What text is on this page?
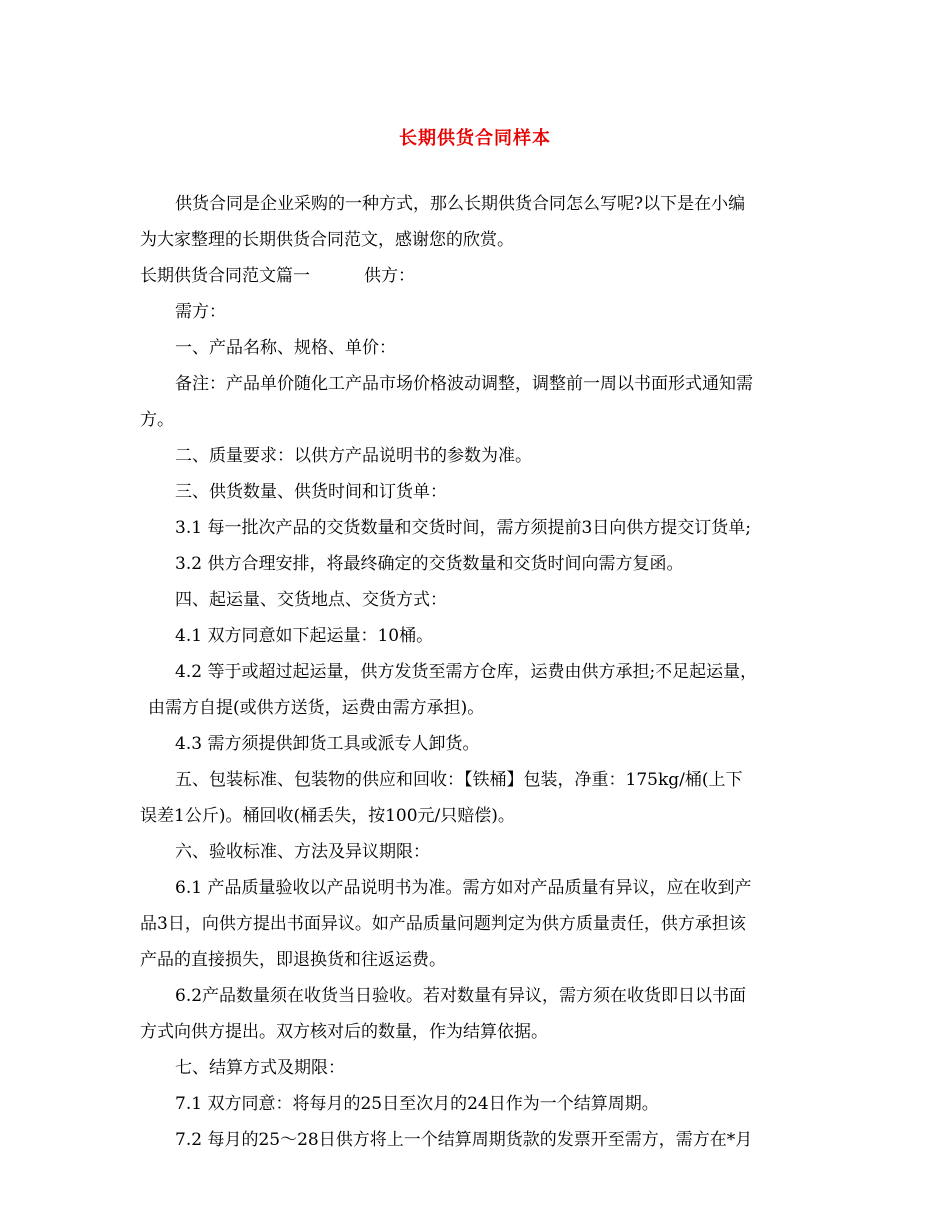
长期供货合同样本
供货合同是企业采购的一种方式，那么长期供货合同怎么写呢?以下是在小编
为大家整理的长期供货合同范文，感谢您的欣赏。
长期供货合同范文篇一	供方：
需方：
一、产品名称、规格、单价：
备注：产品单价随化工产品市场价格波动调整，调整前一周以书面形式通知需
方。
二、质量要求：以供方产品说明书的参数为准。
三、供货数量、供货时间和订货单：
3.1 每一批次产品的交货数量和交货时间，需方须提前3日向供方提交订货单;
3.2 供方合理安排，将最终确定的交货数量和交货时间向需方复函。
四、起运量、交货地点、交货方式：
4.1 双方同意如下起运量：10桶。
4.2 等于或超过起运量，供方发货至需方仓库，运费由供方承担;不足起运量，
由需方自提(或供方送货，运费由需方承担)。
4.3 需方须提供卸货工具或派专人卸货。
五、包装标准、包装物的供应和回收：【铁桶】包装，净重：175kg/桶(上下
误差1公斤)。桶回收(桶丢失，按100元/只赔偿)。
六、验收标准、方法及异议期限：
6.1 产品质量验收以产品说明书为准。需方如对产品质量有异议，应在收到产
品3日，向供方提出书面异议。如产品质量问题判定为供方质量责任，供方承担该
产品的直接损失，即退换货和往返运费。
6.2产品数量须在收货当日验收。若对数量有异议，需方须在收货即日以书面
方式向供方提出。双方核对后的数量，作为结算依据。
七、结算方式及期限：
7.1 双方同意：将每月的25日至次月的24日作为一个结算周期。
7.2 每月的25～28日供方将上一个结算周期货款的发票开至需方，需方在*月
